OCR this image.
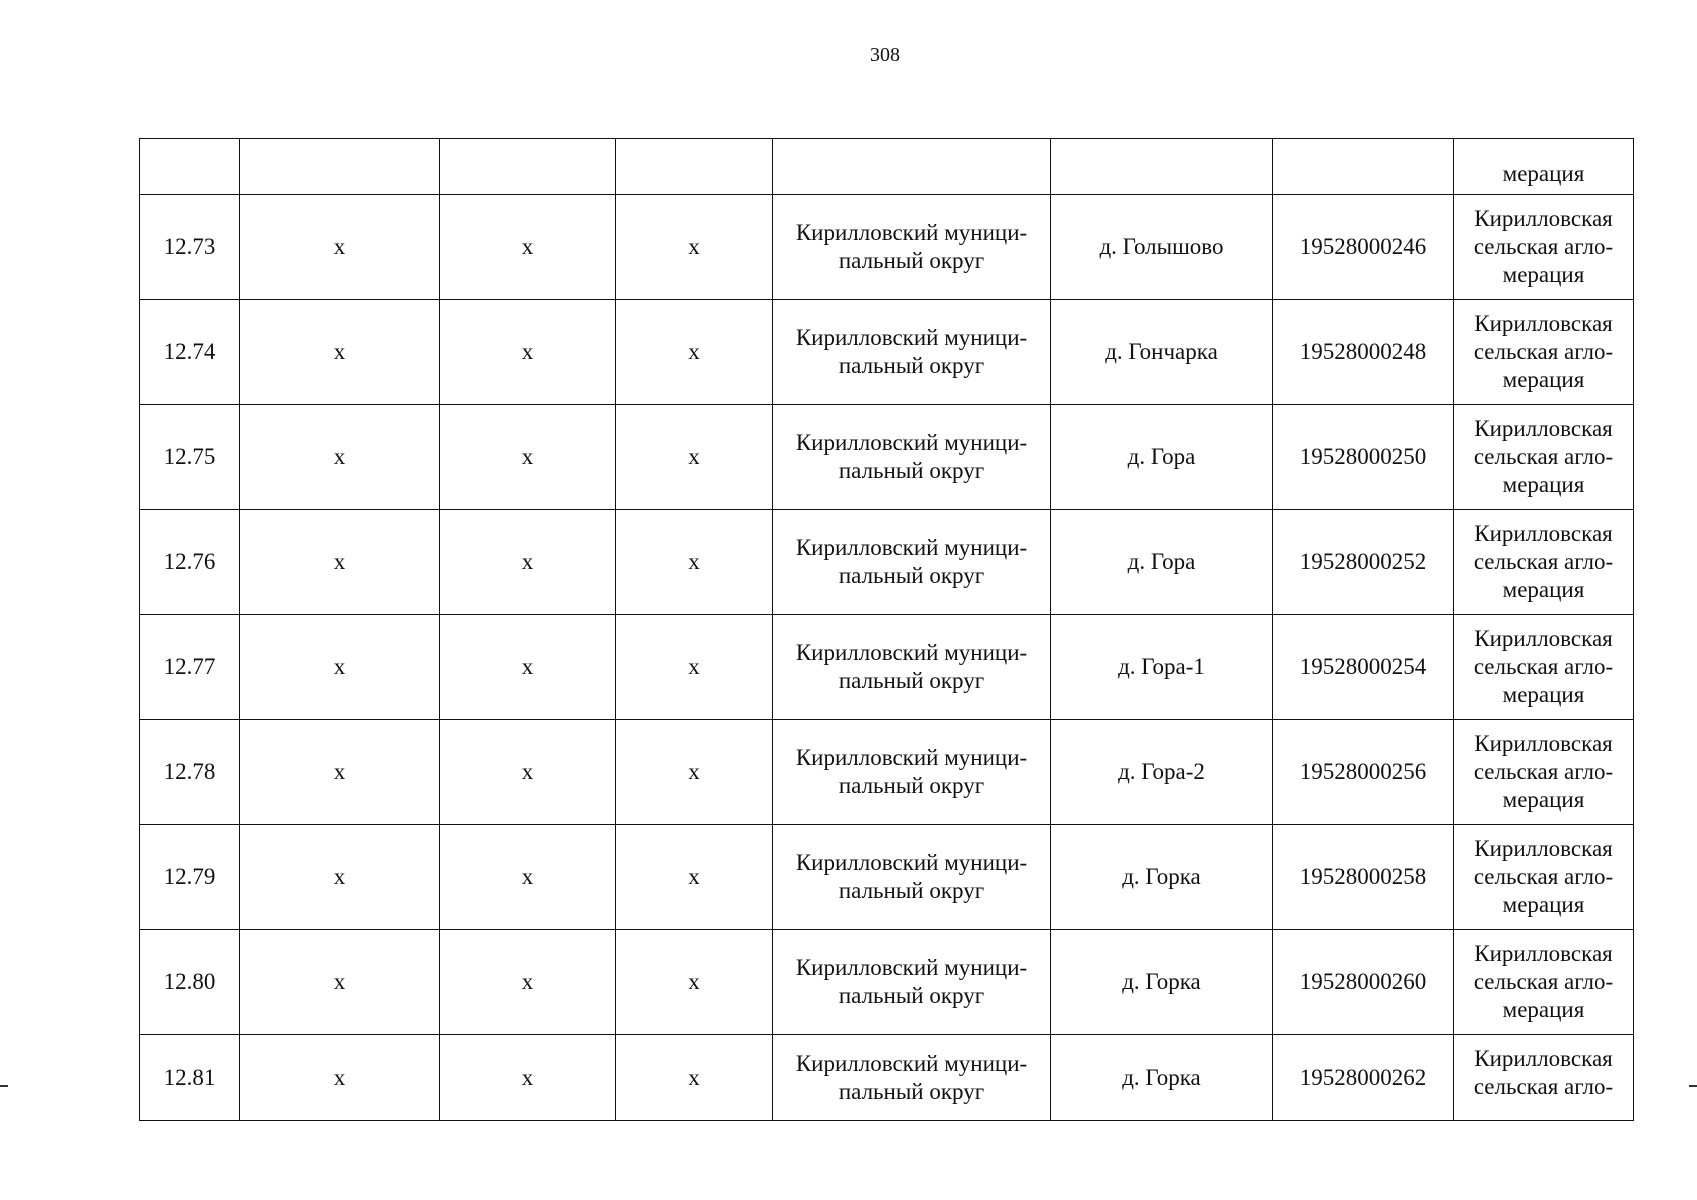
308
							мерация
12.73	х	х	х	Кирилловский муници-пальный округ	д. Голышово	19528000246	Кирилловская сельская агло-мерация
12.74	х	х	х	Кирилловский муници-пальный округ	д. Гончарка	19528000248	Кирилловская сельская агло-мерация
12.75	х	х	х	Кирилловский муници-пальный округ	д. Гора	19528000250	Кирилловская сельская агло-мерация
12.76	х	х	х	Кирилловский муници-пальный округ	д. Гора	19528000252	Кирилловская сельская агло-мерация
12.77	х	х	х	Кирилловский муници-пальный округ	д. Гора-1	19528000254	Кирилловская сельская агло-мерация
12.78	х	х	х	Кирилловский муници-пальный округ	д. Гора-2	19528000256	Кирилловская сельская агло-мерация
12.79	х	х	х	Кирилловский муници-пальный округ	д. Горка	19528000258	Кирилловская сельская агло-мерация
12.80	х	х	х	Кирилловский муници-пальный округ	д. Горка	19528000260	Кирилловская сельская агло-мерация
12.81	х	х	х	Кирилловский муници-пальный округ	д. Горка	19528000262	Кирилловская сельская агло-
